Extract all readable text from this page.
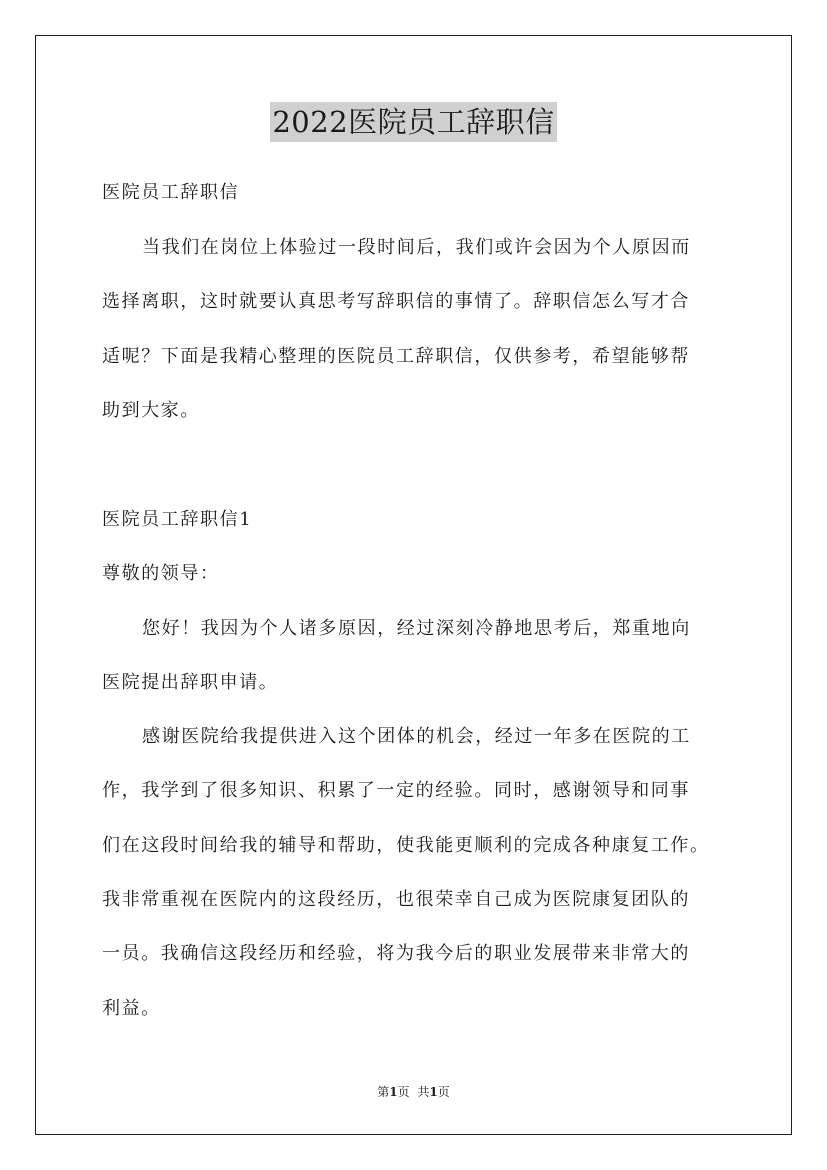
2022医院员工辞职信
医院员工辞职信
当我们在岗位上体验过一段时间后，我们或许会因为个人原因而
选择离职，这时就要认真思考写辞职信的事情了。辞职信怎么写才合
适呢？下面是我精心整理的医院员工辞职信，仅供参考，希望能够帮
助到大家。
医院员工辞职信1
尊敬的领导：
您好！我因为个人诸多原因，经过深刻冷静地思考后，郑重地向
医院提出辞职申请。
感谢医院给我提供进入这个团体的机会，经过一年多在医院的工
作，我学到了很多知识、积累了一定的经验。同时，感谢领导和同事
们在这段时间给我的辅导和帮助，使我能更顺利的完成各种康复工作。
我非常重视在医院内的这段经历，也很荣幸自己成为医院康复团队的
一员。我确信这段经历和经验，将为我今后的职业发展带来非常大的
利益。
第1页 共1页
